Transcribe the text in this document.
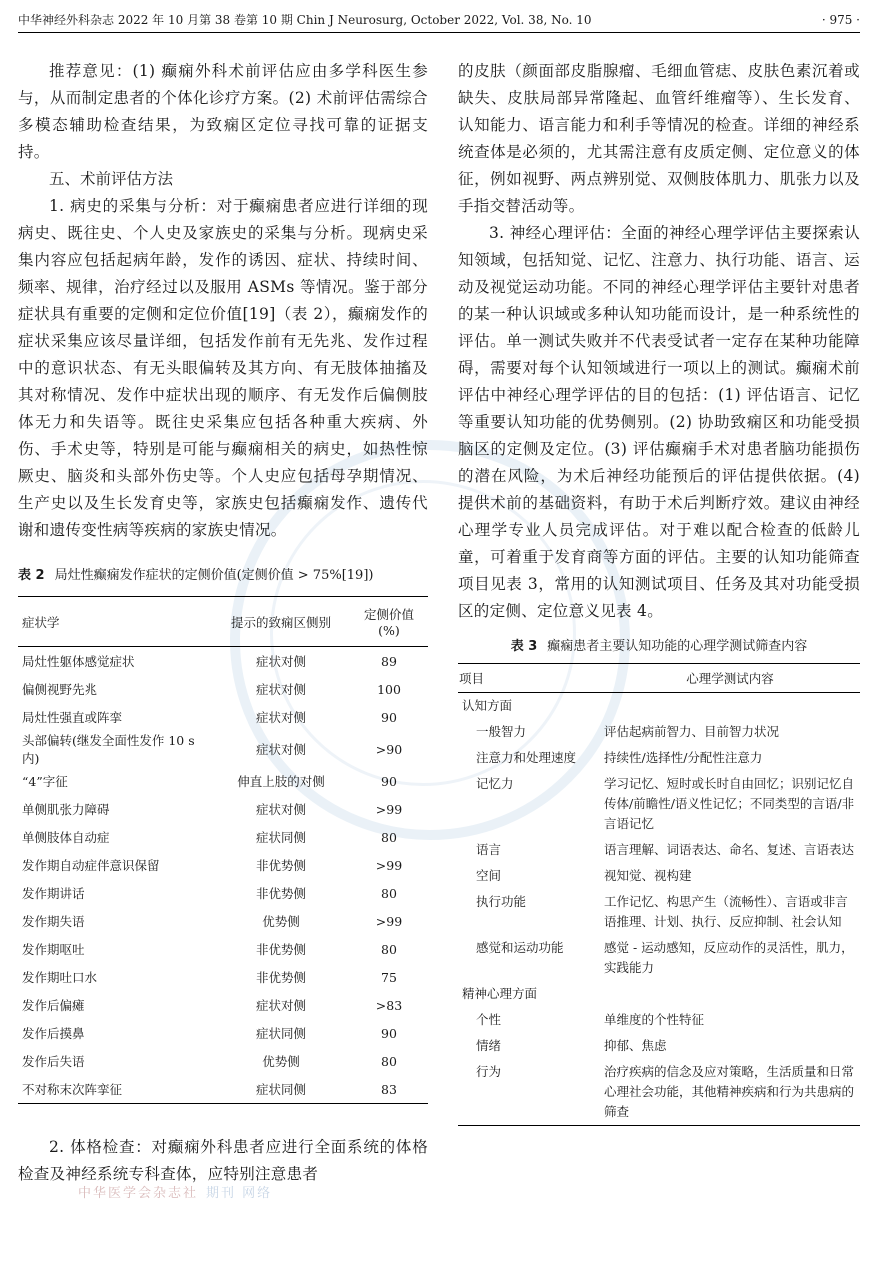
中华神经外科杂志 2022 年 10 月第 38 卷第 10 期 Chin J Neurosurg, October 2022, Vol. 38, No. 10	· 975 ·

推荐意见：(1) 癫痫外科术前评估应由多学科医生参与，从而制定患者的个体化诊疗方案。(2) 术前评估需综合多模态辅助检查结果，为致痫区定位寻找可靠的证据支持。

五、术前评估方法

1. 病史的采集与分析：对于癫痫患者应进行详细的现病史、既往史、个人史及家族史的采集与分析。现病史采集内容应包括起病年龄，发作的诱因、症状、持续时间、频率、规律，治疗经过以及服用 ASMs 等情况。鉴于部分症状具有重要的定侧和定位价值[19]（表 2），癫痫发作的症状采集应该尽量详细，包括发作前有无先兆、发作过程中的意识状态、有无头眼偏转及其方向、有无肢体抽搐及其对称情况、发作中症状出现的顺序、有无发作后偏侧肢体无力和失语等。既往史采集应包括各种重大疾病、外伤、手术史等，特别是可能与癫痫相关的病史，如热性惊厥史、脑炎和头部外伤史等。个人史应包括母孕期情况、生产史以及生长发育史等，家族史包括癫痫发作、遗传代谢和遗传变性病等疾病的家族史情况。

表 2 局灶性癫痫发作症状的定侧价值(定侧价值 > 75%[19])

症状学	提示的致痫区侧别	定侧价值(%)
局灶性躯体感觉症状	症状对侧	89
偏侧视野先兆	症状对侧	100
局灶性强直或阵挛	症状对侧	90
头部偏转(继发全面性发作 10 s 内)	症状对侧	>90
“4”字征	伸直上肢的对侧	90
单侧肌张力障碍	症状对侧	>99
单侧肢体自动症	症状同侧	80
发作期自动症伴意识保留	非优势侧	>99
发作期讲话	非优势侧	80
发作期失语	优势侧	>99
发作期呕吐	非优势侧	80
发作期吐口水	非优势侧	75
发作后偏瘫	症状对侧	>83
发作后摸鼻	症状同侧	90
发作后失语	优势侧	80
不对称末次阵挛征	症状同侧	83

2. 体格检查：对癫痫外科患者应进行全面系统的体格检查及神经系统专科查体，应特别注意患者

的皮肤（颜面部皮脂腺瘤、毛细血管痣、皮肤色素沉着或缺失、皮肤局部异常隆起、血管纤维瘤等）、生长发育、认知能力、语言能力和利手等情况的检查。详细的神经系统查体是必须的，尤其需注意有皮质定侧、定位意义的体征，例如视野、两点辨别觉、双侧肢体肌力、肌张力以及手指交替活动等。

3. 神经心理评估：全面的神经心理学评估主要探索认知领域，包括知觉、记忆、注意力、执行功能、语言、运动及视觉运动功能。不同的神经心理学评估主要针对患者的某一种认识域或多种认知功能而设计，是一种系统性的评估。单一测试失败并不代表受试者一定存在某种功能障碍，需要对每个认知领域进行一项以上的测试。癫痫术前评估中神经心理学评估的目的包括：(1) 评估语言、记忆等重要认知功能的优势侧别。(2) 协助致痫区和功能受损脑区的定侧及定位。(3) 评估癫痫手术对患者脑功能损伤的潜在风险，为术后神经功能预后的评估提供依据。(4) 提供术前的基础资料，有助于术后判断疗效。建议由神经心理学专业人员完成评估。对于难以配合检查的低龄儿童，可着重于发育商等方面的评估。主要的认知功能筛查项目见表 3，常用的认知测试项目、任务及其对功能受损区的定侧、定位意义见表 4。

表 3 癫痫患者主要认知功能的心理学测试筛查内容

项目	心理学测试内容
认知方面	
一般智力	评估起病前智力、目前智力状况
注意力和处理速度	持续性/选择性/分配性注意力
记忆力	学习记忆、短时或长时自由回忆；识别记忆自传体/前瞻性/语义性记忆；不同类型的言语/非言语记忆
语言	语言理解、词语表达、命名、复述、言语表达
空间	视知觉、视构建
执行功能	工作记忆、构思产生（流畅性）、言语或非言语推理、计划、执行、反应抑制、社会认知
感觉和运动功能	感觉 - 运动感知，反应动作的灵活性，肌力，实践能力
精神心理方面	
个性	单维度的个性特征
情绪	抑郁、焦虑
行为	治疗疾病的信念及应对策略，生活质量和日常心理社会功能，其他精神疾病和行为共患病的筛查
中华医学会杂志社 期刊 网络
